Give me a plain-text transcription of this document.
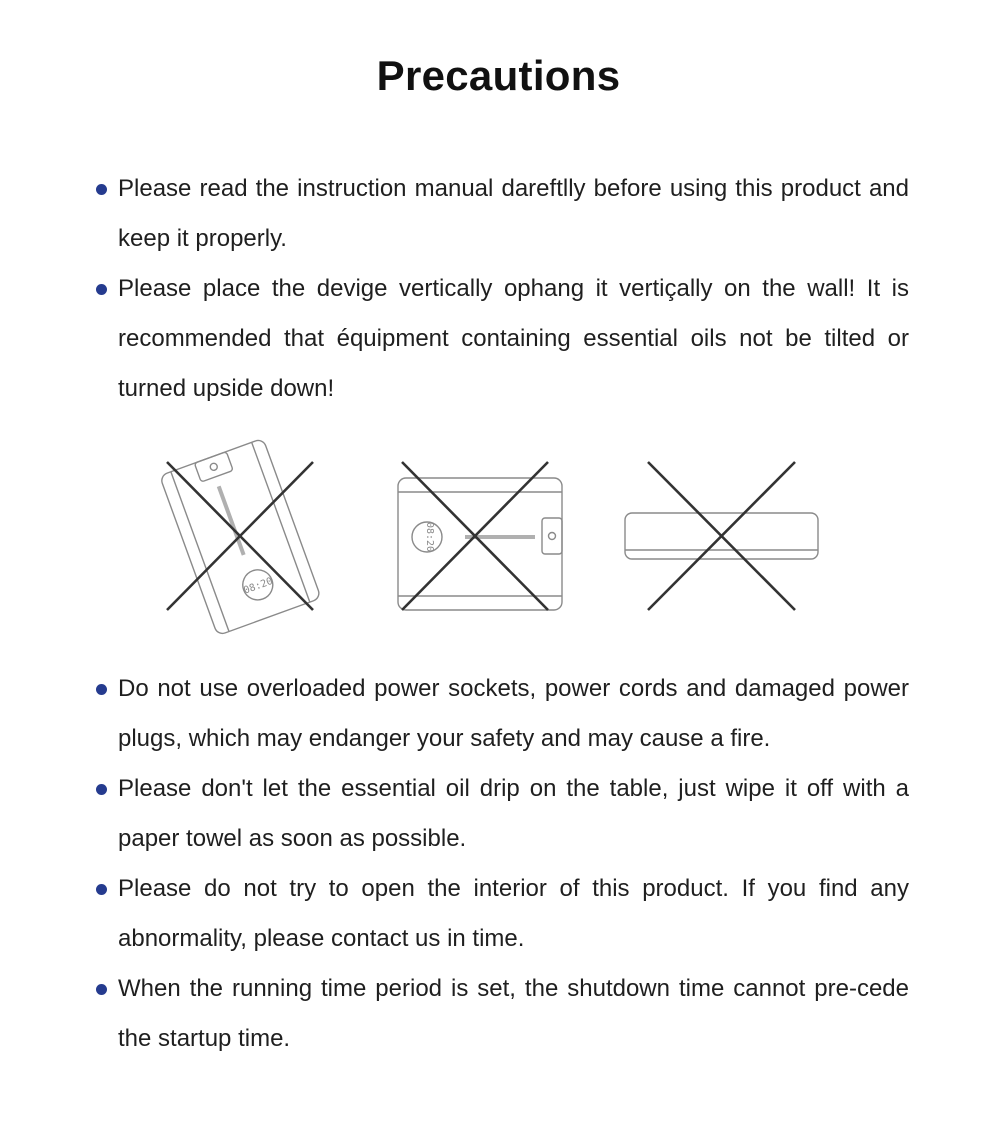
Precautions
Please read the instruction manual dareftlly before using this product and keep it properly.
Please place the devige vertically ophang it vertiçally on the wall! It is recommended that équipment containing essential oils not be tilted or turned upside down!
08:20
08:20
Do not use overloaded power sockets, power cords and damaged power plugs, which may endanger your safety and may cause a fire.
Please don't let the essential oil drip on the table, just wipe it off with a paper towel as soon as possible.
Please do not try to open the interior of this product. If you find any abnormality, please contact us in time.
When the running time period is set, the shutdown time cannot pre-cede the startup time.
